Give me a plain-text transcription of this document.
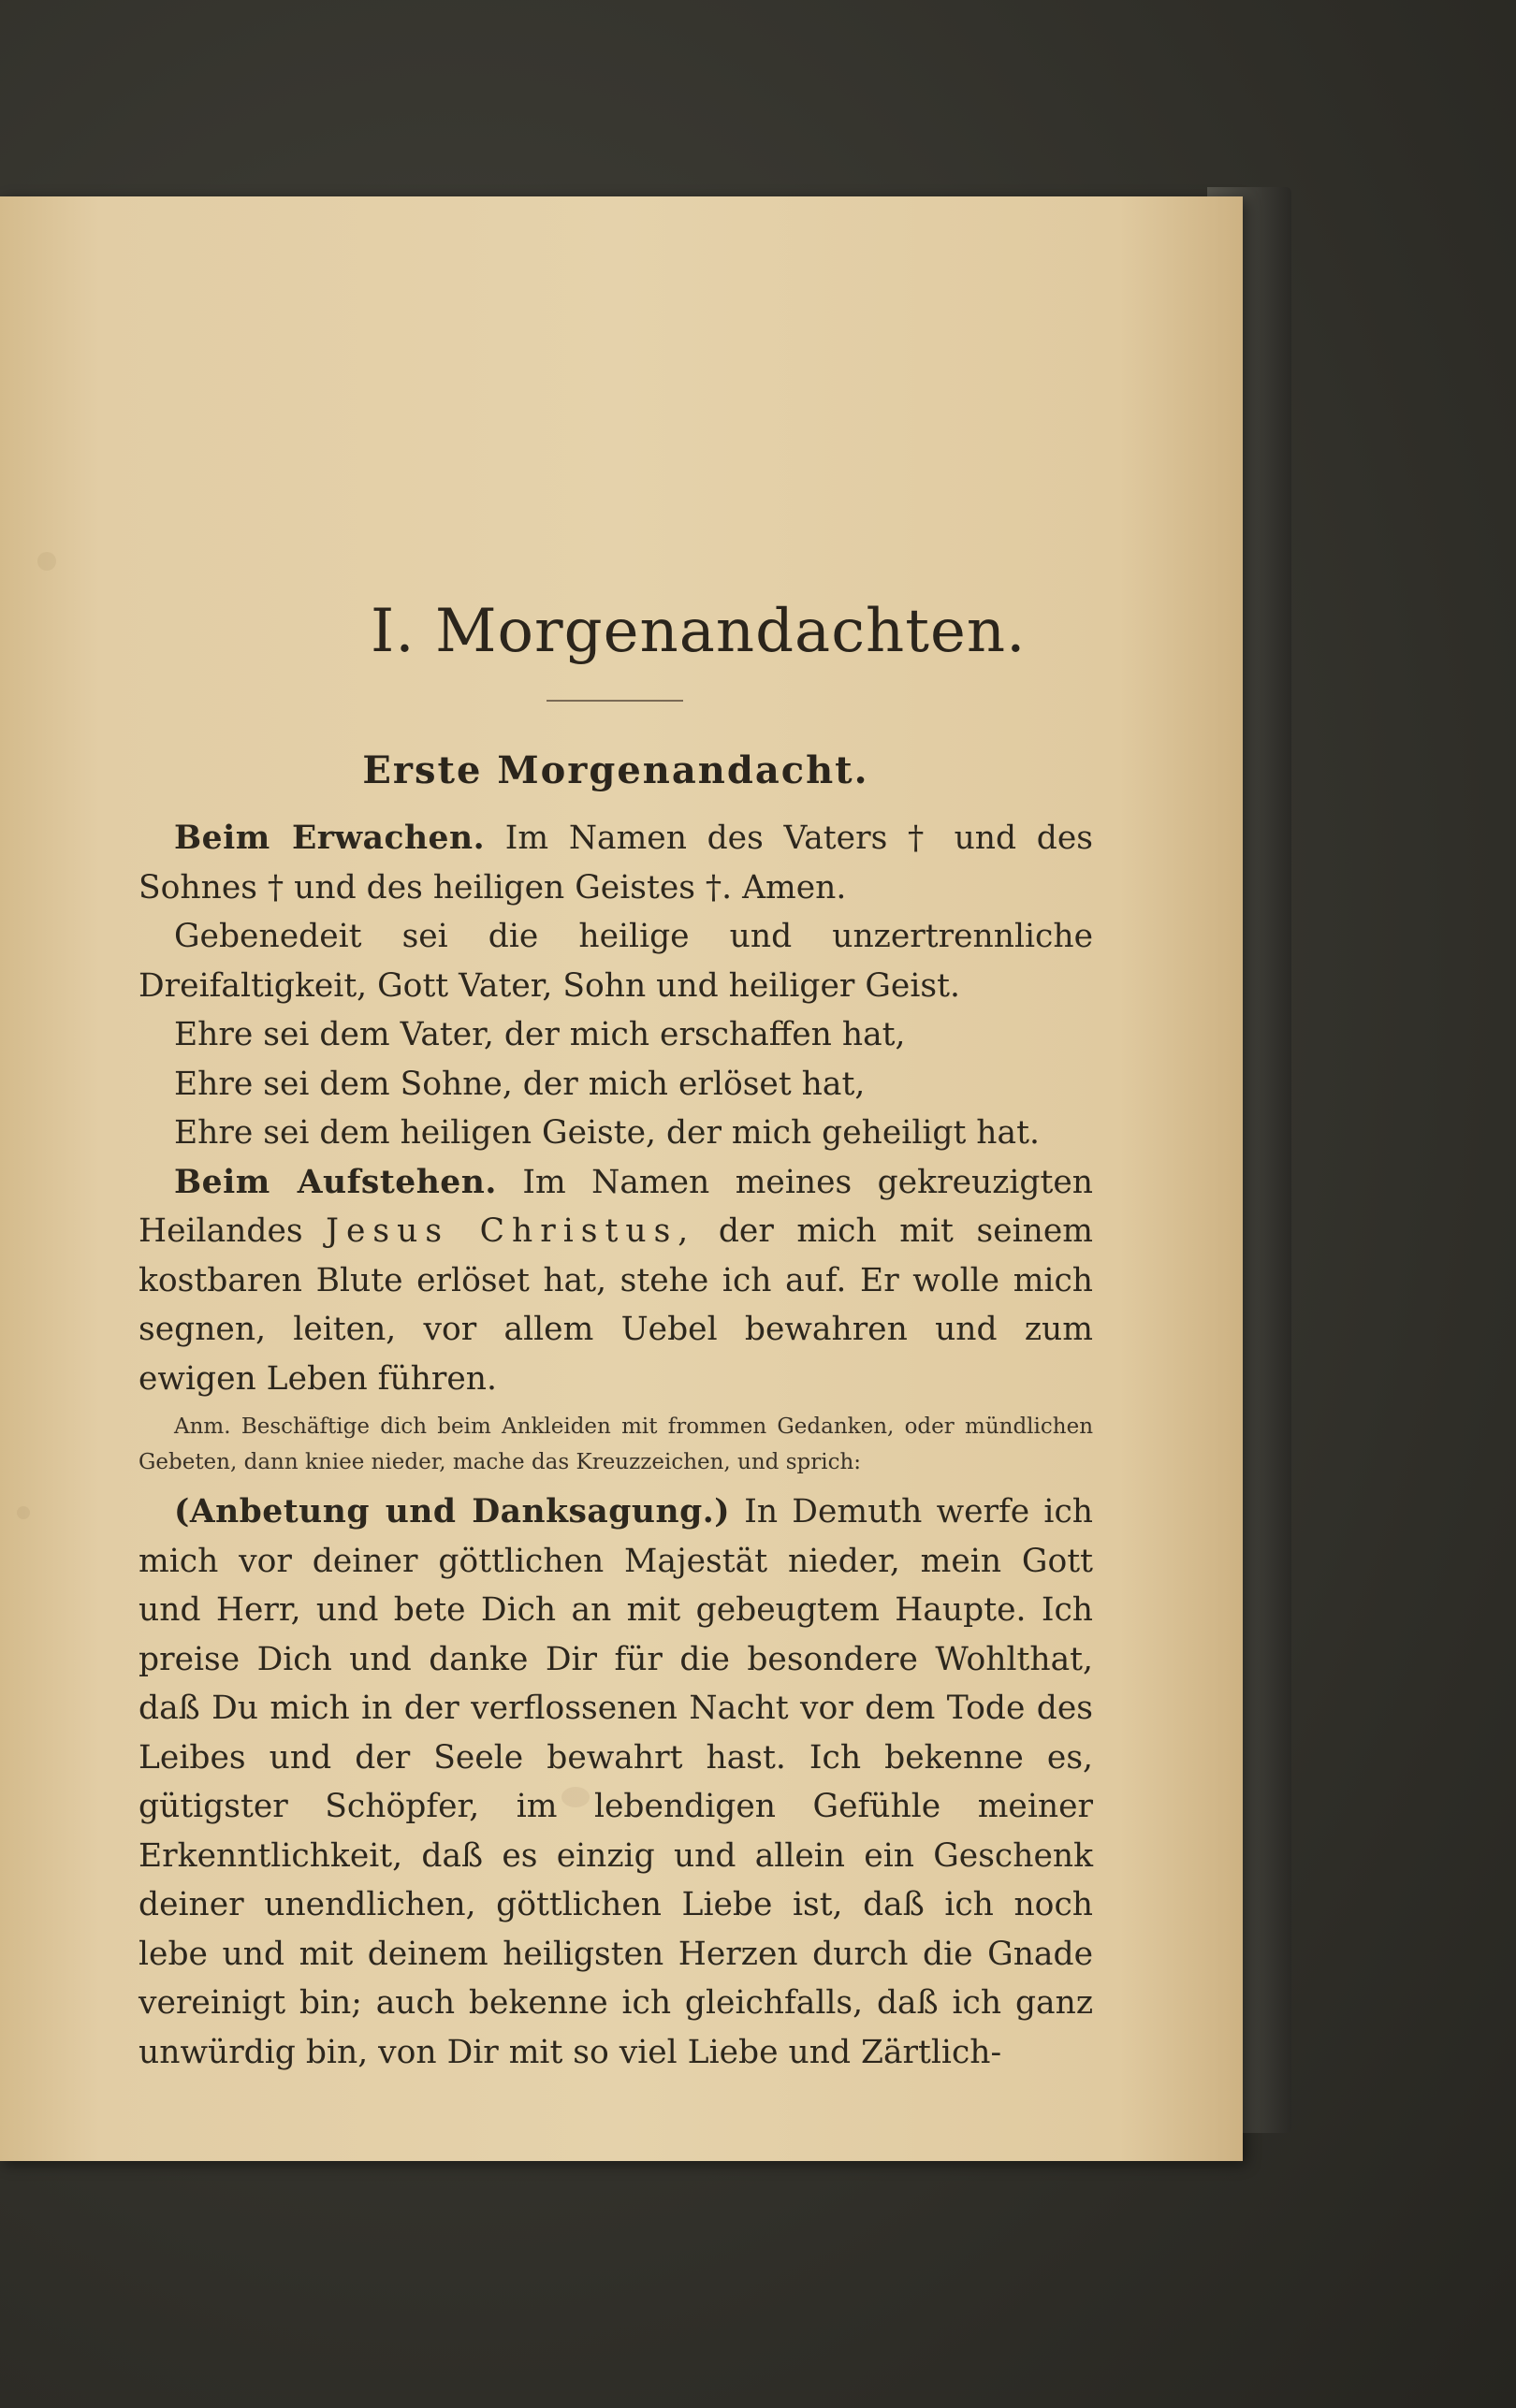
I. Morgenandachten.
Erste Morgenandacht.

Beim Erwachen. Im Namen des Vaters † und des Sohnes † und des heiligen Geistes †. Amen.

Gebenedeit sei die heilige und unzertrennliche Dreifaltigkeit, Gott Vater, Sohn und heiliger Geist.

Ehre sei dem Vater, der mich erschaffen hat,

Ehre sei dem Sohne, der mich erlöset hat,

Ehre sei dem heiligen Geiste, der mich geheiligt hat.

Beim Aufstehen. Im Namen meines gekreuzigten Heilandes Jesus Christus, der mich mit seinem kostbaren Blute erlöset hat, stehe ich auf. Er wolle mich segnen, leiten, vor allem Uebel bewahren und zum ewigen Leben führen.

Anm. Beschäftige dich beim Ankleiden mit frommen Gedanken, oder mündlichen Gebeten, dann kniee nieder, mache das Kreuzzeichen, und sprich:

(Anbetung und Danksagung.) In Demuth werfe ich mich vor deiner göttlichen Majestät nieder, mein Gott und Herr, und bete Dich an mit gebeugtem Haupte. Ich preise Dich und danke Dir für die besondere Wohlthat, daß Du mich in der verflossenen Nacht vor dem Tode des Leibes und der Seele bewahrt hast. Ich bekenne es, gütigster Schöpfer, im lebendigen Gefühle meiner Erkenntlichkeit, daß es einzig und allein ein Geschenk deiner unendlichen, göttlichen Liebe ist, daß ich noch lebe und mit deinem heiligsten Herzen durch die Gnade vereinigt bin; auch bekenne ich gleichfalls, daß ich ganz unwürdig bin, von Dir mit so viel Liebe und Zärtlich-
